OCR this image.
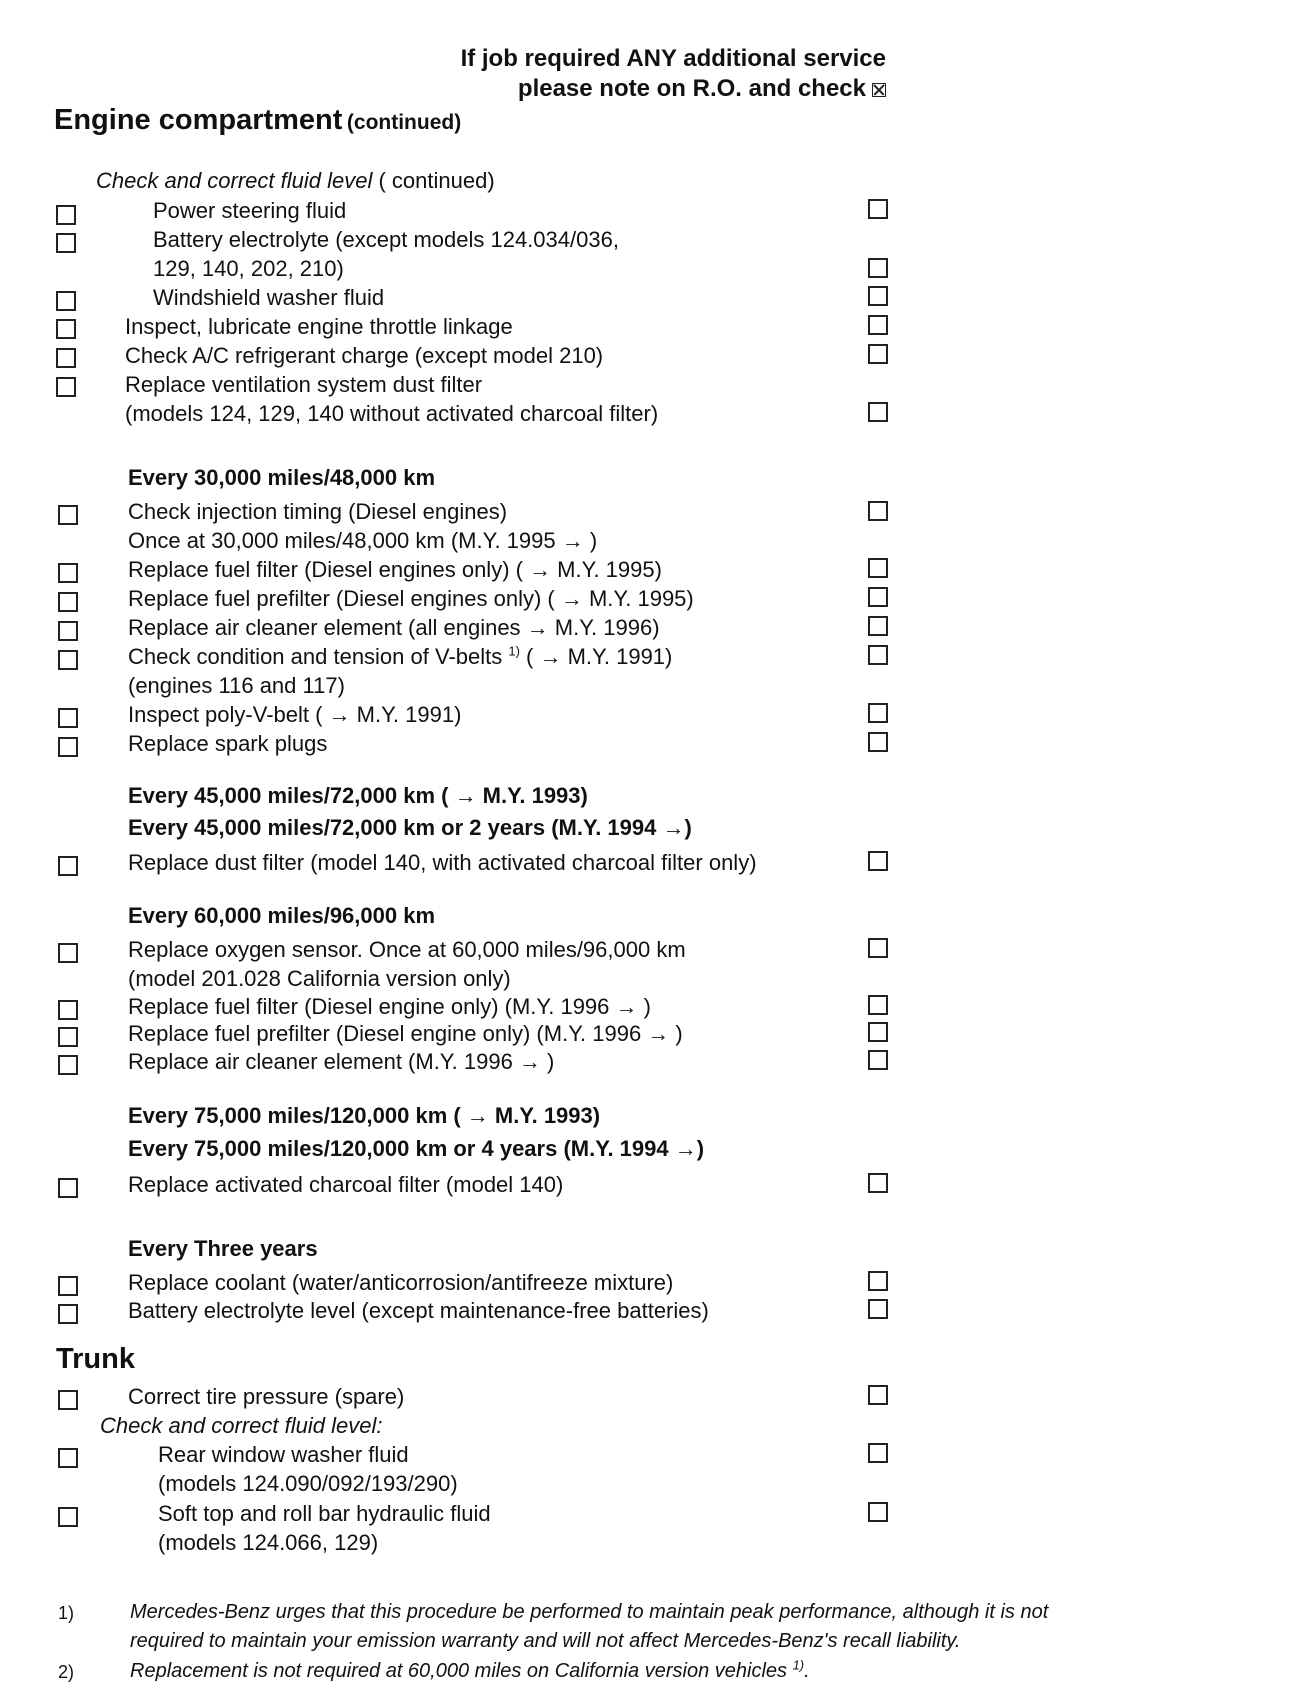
If job required ANY additional service
please note on R.O. and check
Engine compartment (continued)
Check and correct fluid level ( continued)
Power steering fluid
Battery electrolyte (except models 124.034/036,
129, 140, 202, 210)
Windshield washer fluid
Inspect, lubricate engine throttle linkage
Check A/C refrigerant charge (except model 210)
Replace ventilation system dust filter
(models 124, 129, 140 without activated charcoal filter)
Every 30,000 miles/48,000 km
Check injection timing (Diesel engines)
Once at 30,000 miles/48,000 km (M.Y. 1995 → )
Replace fuel filter (Diesel engines only) ( → M.Y. 1995)
Replace fuel prefilter (Diesel engines only) ( → M.Y. 1995)
Replace air cleaner element (all engines → M.Y. 1996)
Check condition and tension of V-belts $^{1)}$ ( → M.Y. 1991)
(engines 116 and 117)
Inspect poly-V-belt ( → M.Y. 1991)
Replace spark plugs
Every 45,000 miles/72,000 km ( → M.Y. 1993)
Every 45,000 miles/72,000 km or 2 years (M.Y. 1994 →)
Replace dust filter (model 140, with activated charcoal filter only)
Every 60,000 miles/96,000 km
Replace oxygen sensor. Once at 60,000 miles/96,000 km
(model 201.028 California version only)
Replace fuel filter (Diesel engine only) (M.Y. 1996 → )
Replace fuel prefilter (Diesel engine only) (M.Y. 1996 → )
Replace air cleaner element (M.Y. 1996 → )
Every 75,000 miles/120,000 km ( → M.Y. 1993)
Every 75,000 miles/120,000 km or 4 years (M.Y. 1994 →)
Replace activated charcoal filter (model 140)
Every Three years
Replace coolant (water/anticorrosion/antifreeze mixture)
Battery electrolyte level (except maintenance-free batteries)
Trunk
Correct tire pressure (spare)
Check and correct fluid level:
Rear window washer fluid
(models 124.090/092/193/290)
Soft top and roll bar hydraulic fluid
(models 124.066, 129)
1)	Mercedes-Benz urges that this procedure be performed to maintain peak performance, although it is not
required to maintain your emission warranty and will not affect Mercedes-Benz's recall liability.
2)	Replacement is not required at 60,000 miles on California version vehicles $^{1)}$.
